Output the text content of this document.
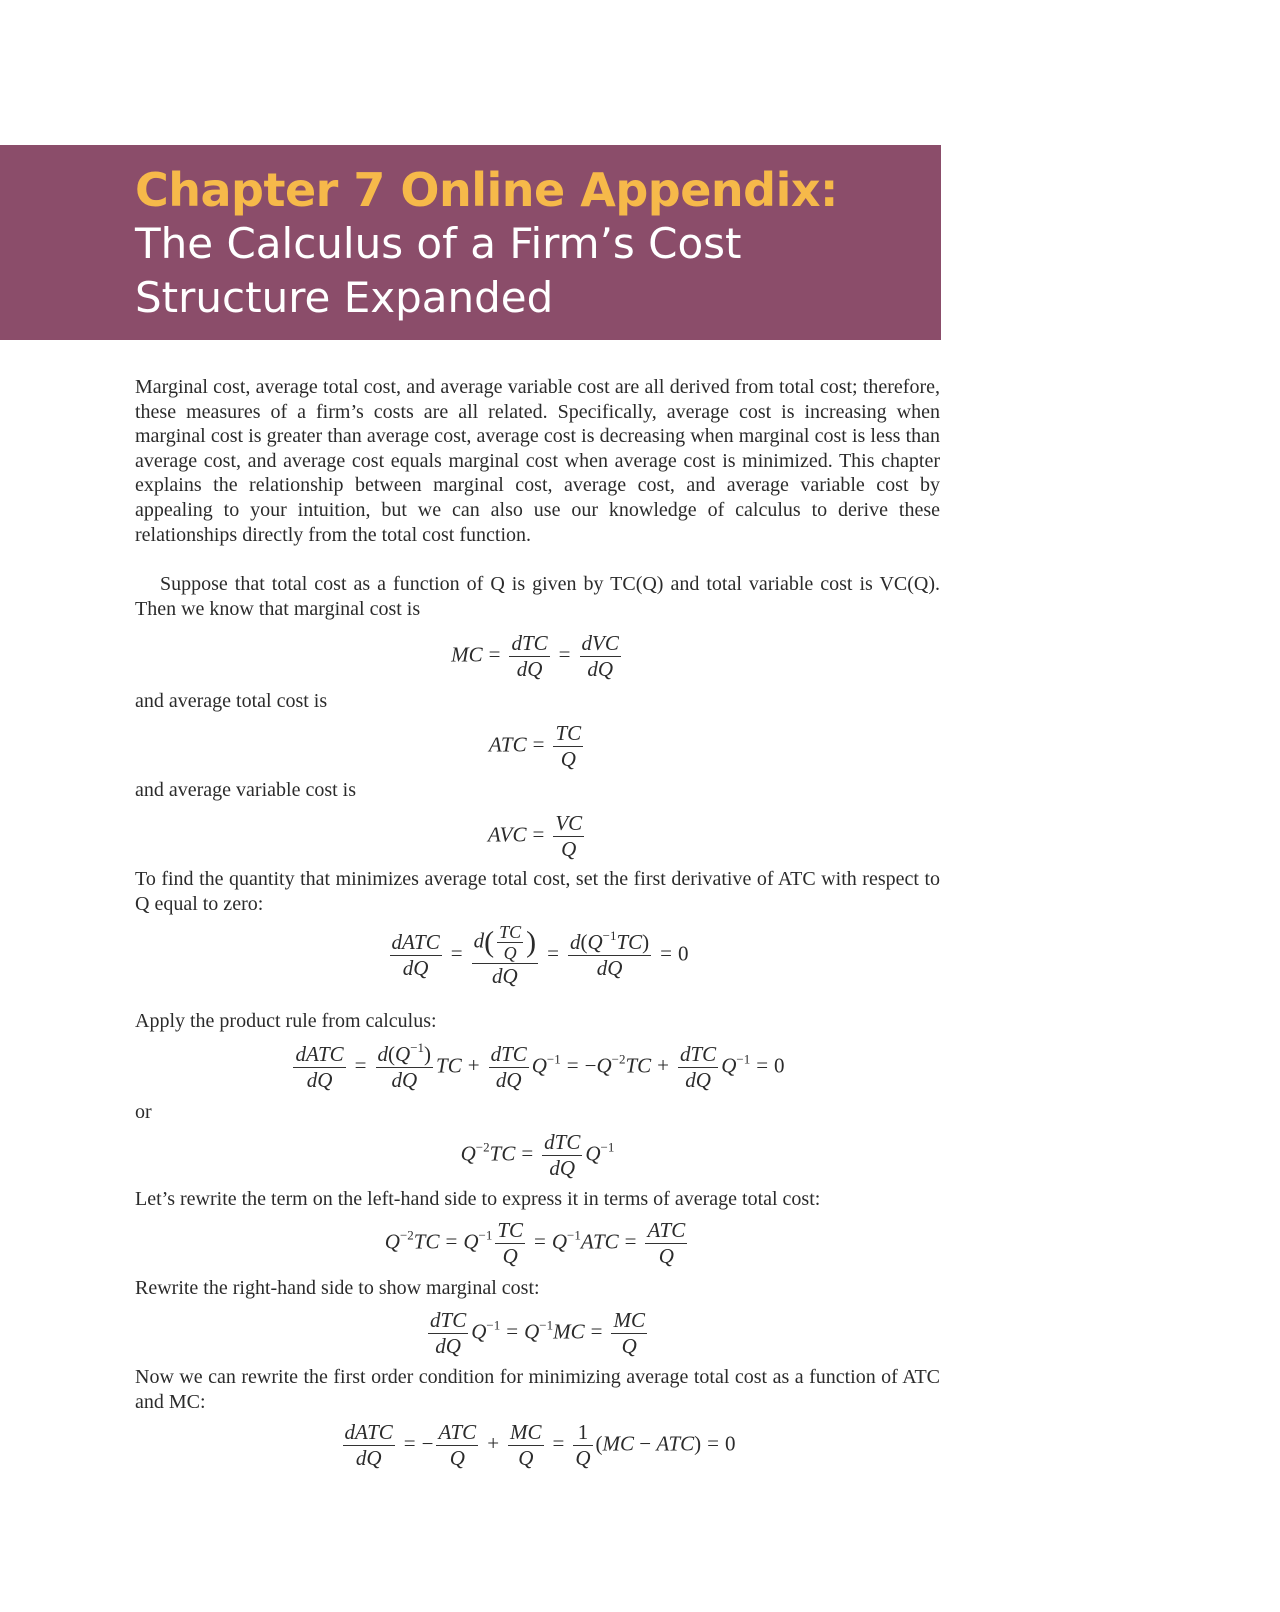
Chapter 7 Online Appendix:
The Calculus of a Firm’s Cost
Structure Expanded
Marginal cost, average total cost, and average variable cost are all derived from total cost; therefore, these measures of a firm’s costs are all related. Specifically, average cost is increasing when marginal cost is greater than average cost, average cost is decreasing when marginal cost is less than average cost, and average cost equals marginal cost when average cost is minimized. This chapter explains the relationship between marginal cost, average cost, and average variable cost by appealing to your intuition, but we can also use our knowledge of calculus to derive these relationships directly from the total cost function.
Suppose that total cost as a function of Q is given by TC(Q) and total variable cost is VC(Q). Then we know that marginal cost is
MC = $\frac{\text{dTC}}{dQ} = \frac{\text{dVC}}{dQ}$
and average total cost is
ATC = $\frac{TC}{Q}$
and average variable cost is
AVC = $\frac{VC}{Q}$
To find the quantity that minimizes average total cost, set the first derivative of ATC with respect to Q equal to zero:
$\frac{\text{dATC}}{dQ} = \frac{d( \frac{TC}{Q} )}{dQ} = \frac{d(Q^{-1}TC)}{dQ} = 0$
Apply the product rule from calculus:
$\frac{\text{dATC}}{dQ} = \frac{d(Q^{-1})}{dQ}$ TC + $\frac{\text{dTC}}{dQ} Q^{-1} = -Q^{-2}TC + \frac{\text{dTC}}{dQ} Q^{-1} = 0$
or
$Q^{-2}TC = \frac{\text{dTC}}{dQ} Q^{-1}$
Let’s rewrite the term on the left-hand side to express it in terms of average total cost:
$Q^{-2}TC = Q^{-1} \frac{TC}{Q} = Q^{-1}ATC = \frac{\text{ATC}}{Q}$
Rewrite the right-hand side to show marginal cost:
$\frac{\text{dTC}}{dQ} Q^{-1} = Q^{-1}MC = \frac{MC}{Q}$
Now we can rewrite the first order condition for minimizing average total cost as a function of ATC and MC:
$\frac{\text{dATC}}{dQ}$ = − $\frac{\text{ATC}}{Q} + \frac{MC}{Q} = \frac{1}{Q} (MC - ATC) = 0$
